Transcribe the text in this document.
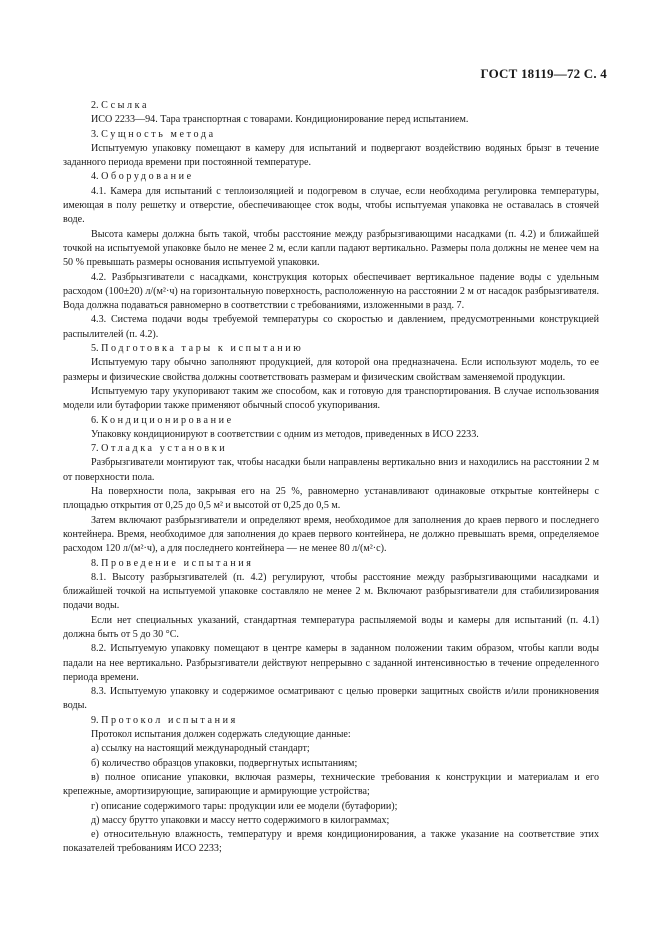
ГОСТ 18119—72 С. 4

2. Ссылка

ИСО 2233—94. Тара транспортная с товарами. Кондиционирование перед испытанием.

3. Сущность метода

Испытуемую упаковку помещают в камеру для испытаний и подвергают воздействию водяных брызг в течение заданного периода времени при постоянной температуре.

4. Оборудование

4.1. Камера для испытаний с теплоизоляцией и подогревом в случае, если необходима регулировка температуры, имеющая в полу решетку и отверстие, обеспечивающее сток воды, чтобы испытуемая упаковка не оставалась в стоячей воде.

Высота камеры должна быть такой, чтобы расстояние между разбрызгивающими насадками (п. 4.2) и ближайшей точкой на испытуемой упаковке было не менее 2 м, если капли падают вертикально. Размеры пола должны не менее чем на 50 % превышать размеры основания испытуемой упаковки.

4.2. Разбрызгиватели с насадками, конструкция которых обеспечивает вертикальное падение воды с удельным расходом (100±20) л/(м²·ч) на горизонтальную поверхность, расположенную на расстоянии 2 м от насадок разбрызгивателя. Вода должна подаваться равномерно в соответствии с требованиями, изложенными в разд. 7.

4.3. Система подачи воды требуемой температуры со скоростью и давлением, предусмотренными конструкцией распылителей (п. 4.2).

5. Подготовка тары к испытанию

Испытуемую тару обычно заполняют продукцией, для которой она предназначена. Если используют модель, то ее размеры и физические свойства должны соответствовать размерам и физическим свойствам заменяемой продукции.

Испытуемую тару укупоривают таким же способом, как и готовую для транспортирования. В случае использования модели или бутафории также применяют обычный способ укупоривания.

6. Кондиционирование

Упаковку кондиционируют в соответствии с одним из методов, приведенных в ИСО 2233.

7. Отладка установки

Разбрызгиватели монтируют так, чтобы насадки были направлены вертикально вниз и находились на расстоянии 2 м от поверхности пола.

На поверхности пола, закрывая его на 25 %, равномерно устанавливают одинаковые открытые контейнеры с площадью открытия от 0,25 до 0,5 м² и высотой от 0,25 до 0,5 м.

Затем включают разбрызгиватели и определяют время, необходимое для заполнения до краев первого и последнего контейнера. Время, необходимое для заполнения до краев первого контейнера, не должно превышать время, определяемое расходом 120 л/(м²·ч), а для последнего контейнера — не менее 80 л/(м²·с).

8. Проведение испытания

8.1. Высоту разбрызгивателей (п. 4.2) регулируют, чтобы расстояние между разбрызгивающими насадками и ближайшей точкой на испытуемой упаковке составляло не менее 2 м. Включают разбрызгиватели для стабилизирования подачи воды.

Если нет специальных указаний, стандартная температура распыляемой воды и камеры для испытаний (п. 4.1) должна быть от 5 до 30 °С.

8.2. Испытуемую упаковку помещают в центре камеры в заданном положении таким образом, чтобы капли воды падали на нее вертикально. Разбрызгиватели действуют непрерывно с заданной интенсивностью в течение определенного периода времени.

8.3. Испытуемую упаковку и содержимое осматривают с целью проверки защитных свойств и/или проникновения воды.

9. Протокол испытания

Протокол испытания должен содержать следующие данные:

а) ссылку на настоящий международный стандарт;

б) количество образцов упаковки, подвергнутых испытаниям;

в) полное описание упаковки, включая размеры, технические требования к конструкции и материалам и его крепежные, амортизирующие, запирающие и армирующие устройства;

г) описание содержимого тары: продукции или ее модели (бутафории);

д) массу брутто упаковки и массу нетто содержимого в килограммах;

е) относительную влажность, температуру и время кондиционирования, а также указание на соответствие этих показателей требованиям ИСО 2233;
